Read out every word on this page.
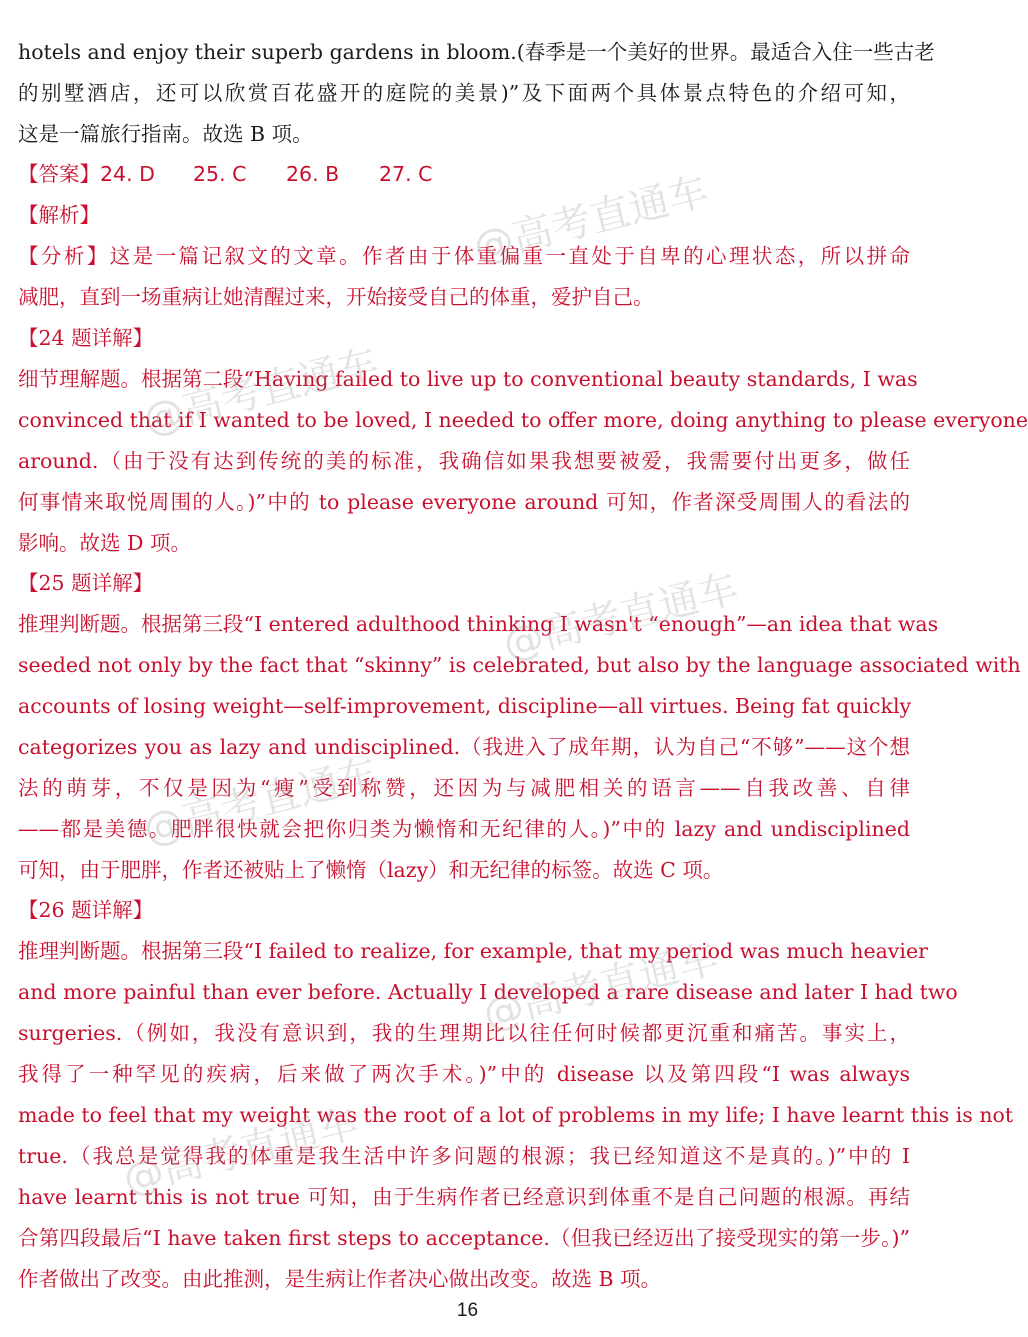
hotels and enjoy their superb gardens in bloom.(春季是一个美好的世界。最适合入住一些古老
的别墅酒店，还可以欣赏百花盛开的庭院的美景)”及下面两个具体景点特色的介绍可知，
这是一篇旅行指南。故选 B 项。
【答案】24. D 25. C 26. B 27. C
【解析】
【分析】这是一篇记叙文的文章。作者由于体重偏重一直处于自卑的心理状态，所以拼命
减肥，直到一场重病让她清醒过来，开始接受自己的体重，爱护自己。
【24 题详解】
细节理解题。根据第二段“Having failed to live up to conventional beauty standards, I was
convinced that if I wanted to be loved, I needed to offer more, doing anything to please everyone
around.（由于没有达到传统的美的标准，我确信如果我想要被爱，我需要付出更多，做任
何事情来取悦周围的人。)”中的 to please everyone around 可知，作者深受周围人的看法的
影响。故选 D 项。
【25 题详解】
推理判断题。根据第三段“I entered adulthood thinking I wasn't “enough”—an idea that was
seeded not only by the fact that “skinny” is celebrated, but also by the language associated with
accounts of losing weight—self-improvement, discipline—all virtues. Being fat quickly
categorizes you as lazy and undisciplined.（我进入了成年期，认为自己“不够”——这个想
法的萌芽，不仅是因为“瘦”受到称赞，还因为与减肥相关的语言——自我改善、自律
——都是美德。肥胖很快就会把你归类为懒惰和无纪律的人。)”中的 lazy and undisciplined
可知，由于肥胖，作者还被贴上了懒惰（lazy）和无纪律的标签。故选 C 项。
【26 题详解】
推理判断题。根据第三段“I failed to realize, for example, that my period was much heavier
and more painful than ever before. Actually I developed a rare disease and later I had two
surgeries.（例如，我没有意识到，我的生理期比以往任何时候都更沉重和痛苦。事实上，
我得了一种罕见的疾病，后来做了两次手术。)”中的 disease 以及第四段“I was always
made to feel that my weight was the root of a lot of problems in my life; I have learnt this is not
true.（我总是觉得我的体重是我生活中许多问题的根源；我已经知道这不是真的。)”中的 I
have learnt this is not true 可知，由于生病作者已经意识到体重不是自己问题的根源。再结
合第四段最后“I have taken first steps to acceptance.（但我已经迈出了接受现实的第一步。)”
作者做出了改变。由此推测，是生病让作者决心做出改变。故选 B 项。
@高考直通车
@高考直通车
@高考直通车
@高考直通车
@高考直通车
@高考直通车
16
